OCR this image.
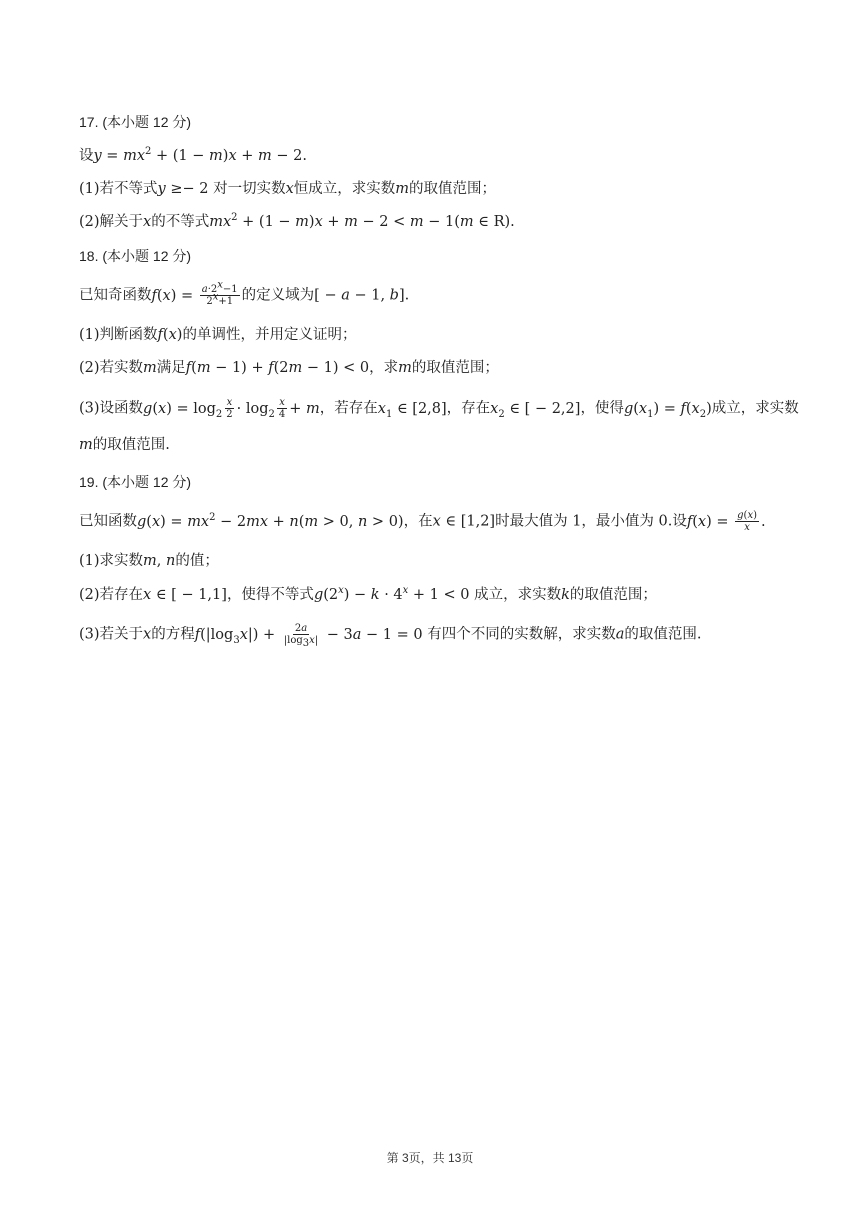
17. (本小题 12 分)
设$y = mx^2 + (1 - m)x + m - 2$.
(1)若不等式y ≥− 2 对一切实数x恒成立，求实数m的取值范围；
(2)解关于x的不等式$mx^2 + (1 - m)x + m - 2 < m - 1(m$ ∈ R).
18. (本小题 12 分)
已知奇函数$f(x) = \frac{a\cdot 2^x-1}{2^x+1}$ 的定义域为[ − a − 1, b].
(1)判断函数f(x)的单调性，并用定义证明；
(2)若实数m满足f(m − 1) + f(2m − 1) < 0，求m的取值范围；
(3)设函数$g(x) = \log_2 \frac{x}{2} \cdot \log_2 \frac{x}{4} + m$，若存在$x_1$ ∈ [2,8]，存在$x_2$ ∈ [ − 2,2]，使得$g(x_1) = f(x_2)$成立，求实数
m的取值范围.
19. (本小题 12 分)
已知函数$g(x) = mx^2 - 2mx + n(m > 0$, n > 0)，在x ∈ [1,2]时最大值为 1，最小值为 0.设$f(x) = \frac{g(x)}{x}$ .
(1)求实数m, n的值；
(2)若存在x ∈ [ − 1,1]，使得不等式$g(2^x) - k \cdot 4^x + 1 < 0$ 成立，求实数k的取值范围；
(3)若关于x的方程$f(|\log_3x|) + \frac{2a}{|\log_3x|} - 3a - 1 = 0$ 有四个不同的实数解，求实数a的取值范围.
第 3页，共 13页
